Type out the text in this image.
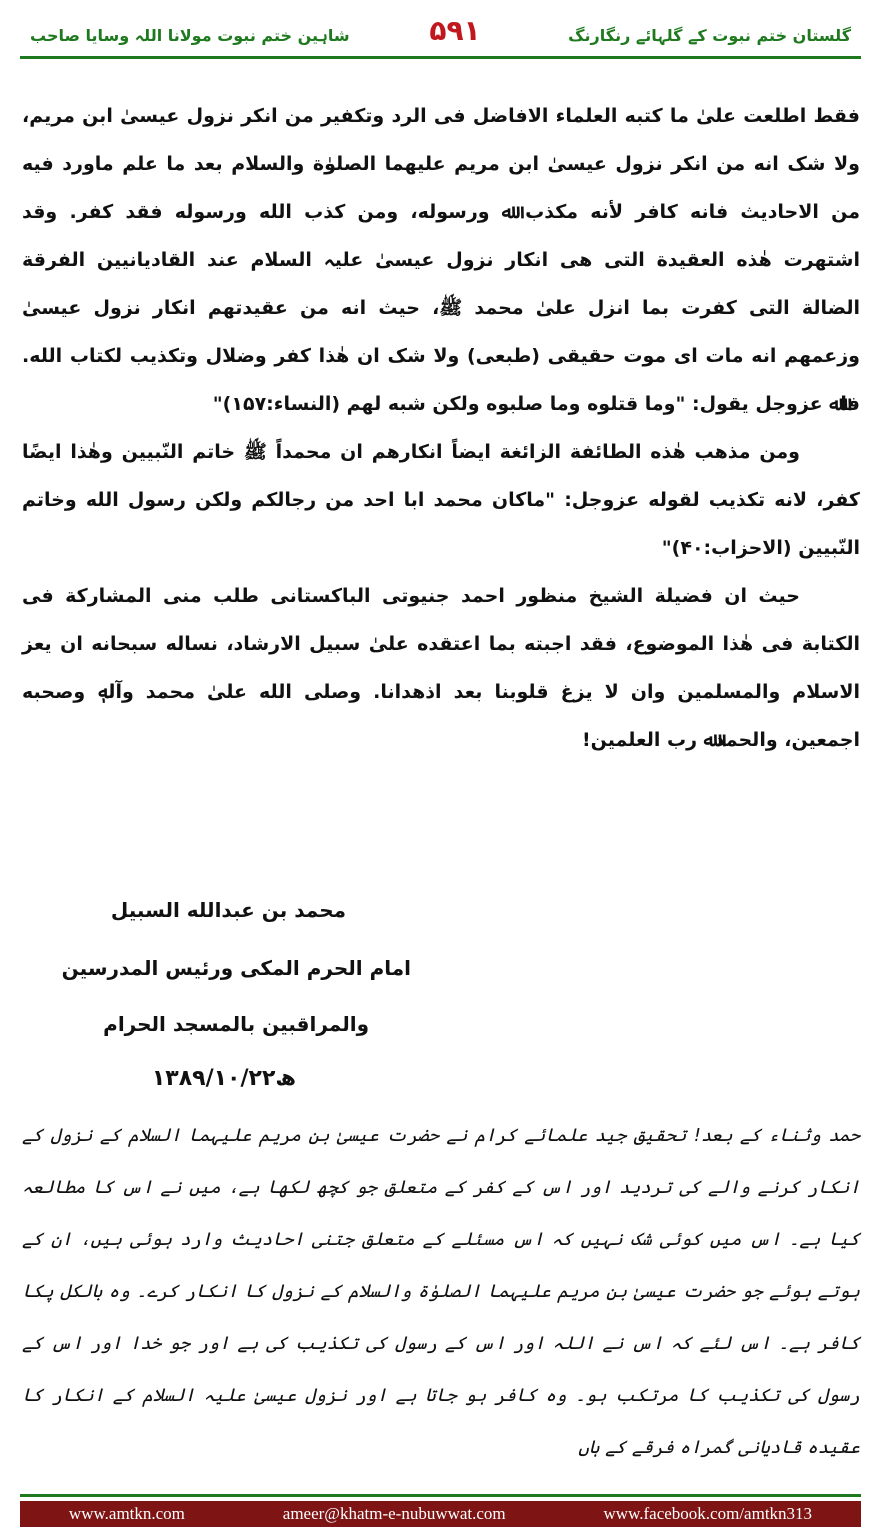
شاہین ختم نبوت مولانا اللہ وسایا صاحب	۵۹۱	گلستان ختم نبوت کے گلہائے رنگارنگ

فقط اطلعت علیٰ ما کتبه العلماء الافاضل فی الرد وتکفیر من انکر نزول عیسیٰ ابن مریم، ولا شک انه من انکر نزول عیسیٰ ابن مریم علیهما الصلوٰة والسلام بعد ما علم ماورد فیه من الاحادیث فانه کافر لأنه مکذب ﷲ ورسوله، ومن کذب الله ورسوله فقد کفر. وقد اشتهرت هٰذه العقیدة التی هی انکار نزول عیسیٰ علیہ السلام عند القادیانیین الفرقة الضالة التی کفرت بما انزل علیٰ محمد ﷺ، حیث انه من عقیدتهم انکار نزول عیسیٰ وزعمهم انه مات ای موت حقیقی (طبعی) ولا شک ان هٰذا کفر وضلال وتکذیب لکتاب الله. فاﷲ عزوجل یقول: "وما قتلوه وما صلبوه ولکن شبه لهم (النساء:۱۵۷)"

ومن مذهب هٰذه الطائفة الزائغة ایضاً انکارهم ان محمداً ﷺ خاتم النّبیین وهٰذا ایضًا کفر، لانه تکذیب لقوله عزوجل: "ماکان محمد ابا احد من رجالکم ولکن رسول الله وخاتم النّبیین (الاحزاب:۴۰)"

حیث ان فضیلة الشیخ منظور احمد جنیوتی الباکستانی طلب منی المشارکة فی الکتابة فی هٰذا الموضوع، فقد اجبته بما اعتقده علیٰ سبیل الارشاد، نساله سبحانه ان یعز الاسلام والمسلمین وان لا یزغ قلوبنا بعد اذهدانا. وصلی الله علیٰ محمد وآلهٖ وصحبه اجمعین، والحمدﷲ رب العلمین!

محمد بن عبدالله السبیل
امام الحرم المکی ورئیس المدرسین
والمراقبین بالمسجد الحرام
۱۳۸۹/۱۰/۲۲ھ

حمد وثناء کے بعد! تحقیق جید علمائے کرام نے حضرت عیسیٰ بن مریم علیہما السلام کے نزول کے انکار کرنے والے کی تردید اور اس کے کفر کے متعلق جو کچھ لکھا ہے، میں نے اس کا مطالعہ کیا ہے۔ اس میں کوئی شک نہیں کہ اس مسئلے کے متعلق جتنی احادیث وارد ہوئی ہیں، ان کے ہوتے ہوئے جو حضرت عیسیٰ بن مریم علیہما الصلوٰة والسلام کے نزول کا انکار کرے۔ وہ بالکل پکا کافر ہے۔ اس لئے کہ اس نے اللہ اور اس کے رسول کی تکذیب کی ہے اور جو خدا اور اس کے رسول کی تکذیب کا مرتکب ہو۔ وہ کافر ہو جاتا ہے اور نزول عیسیٰ علیہ السلام کے انکار کا عقیدہ قادیانی گمراہ فرقے کے ہاں

www.amtkn.com	ameer@khatm-e-nubuwwat.com	www.facebook.com/amtkn313
